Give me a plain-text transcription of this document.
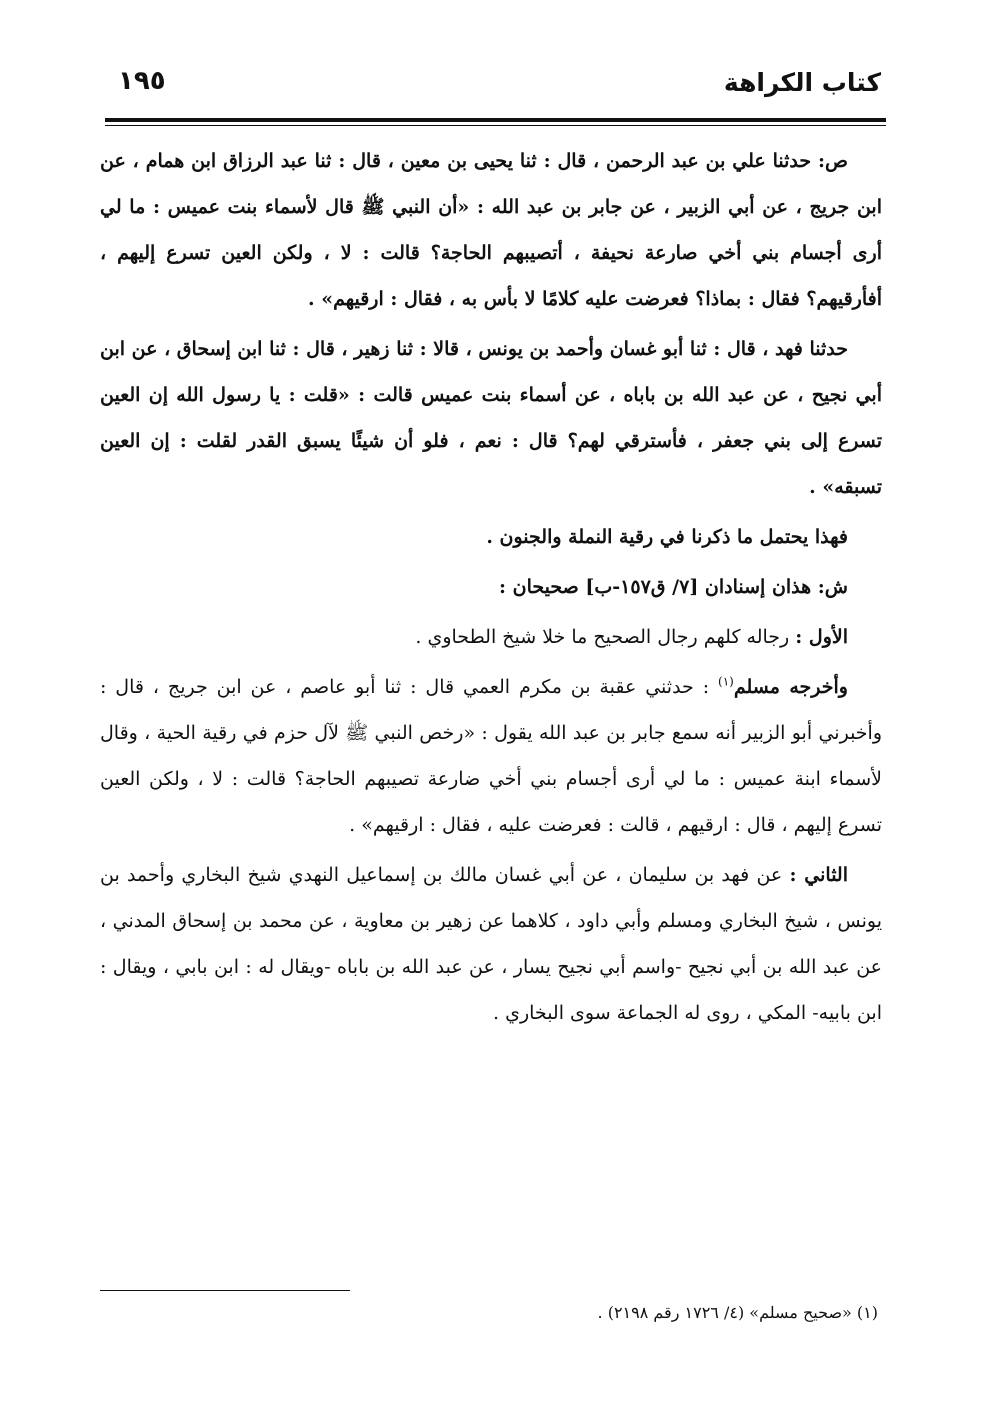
كتاب الكراهة
١٩٥

ص: حدثنا علي بن عبد الرحمن ، قال : ثنا يحيى بن معين ، قال : ثنا عبد الرزاق ابن همام ، عن ابن جريج ، عن أبي الزبير ، عن جابر بن عبد الله : «أن النبي ﷺ قال لأسماء بنت عميس : ما لي أرى أجسام بني أخي صارعة نحيفة ، أتصيبهم الحاجة؟ قالت : لا ، ولكن العين تسرع إليهم ، أفأرقيهم؟ فقال : بماذا؟ فعرضت عليه كلامًا لا بأس به ، فقال : ارقيهم» .

حدثنا فهد ، قال : ثنا أبو غسان وأحمد بن يونس ، قالا : ثنا زهير ، قال : ثنا ابن إسحاق ، عن ابن أبي نجيح ، عن عبد الله بن باباه ، عن أسماء بنت عميس قالت : «قلت : يا رسول الله إن العين تسرع إلى بني جعفر ، فأسترقي لهم؟ قال : نعم ، فلو أن شيئًا يسبق القدر لقلت : إن العين تسبقه» .

فهذا يحتمل ما ذكرنا في رقية النملة والجنون .

ش: هذان إسنادان [٧/ ق١٥٧-ب] صحيحان :

الأول : رجاله كلهم رجال الصحيح ما خلا شيخ الطحاوي .

وأخرجه مسلم$^{(١)}$ : حدثني عقبة بن مكرم العمي قال : ثنا أبو عاصم ، عن ابن جريج ، قال : وأخبرني أبو الزبير أنه سمع جابر بن عبد الله يقول : «رخص النبي ﷺ لآل حزم في رقية الحية ، وقال لأسماء ابنة عميس : ما لي أرى أجسام بني أخي ضارعة تصيبهم الحاجة؟ قالت : لا ، ولكن العين تسرع إليهم ، قال : ارقيهم ، قالت : فعرضت عليه ، فقال : ارقيهم» .

الثاني : عن فهد بن سليمان ، عن أبي غسان مالك بن إسماعيل النهدي شيخ البخاري وأحمد بن يونس ، شيخ البخاري ومسلم وأبي داود ، كلاهما عن زهير بن معاوية ، عن محمد بن إسحاق المدني ، عن عبد الله بن أبي نجيح -واسم أبي نجيح يسار ، عن عبد الله بن باباه -ويقال له : ابن بابي ، ويقال : ابن بابيه- المكي ، روى له الجماعة سوى البخاري .

(١) «صحيح مسلم» (٤/ ١٧٢٦ رقم ٢١٩٨) .
